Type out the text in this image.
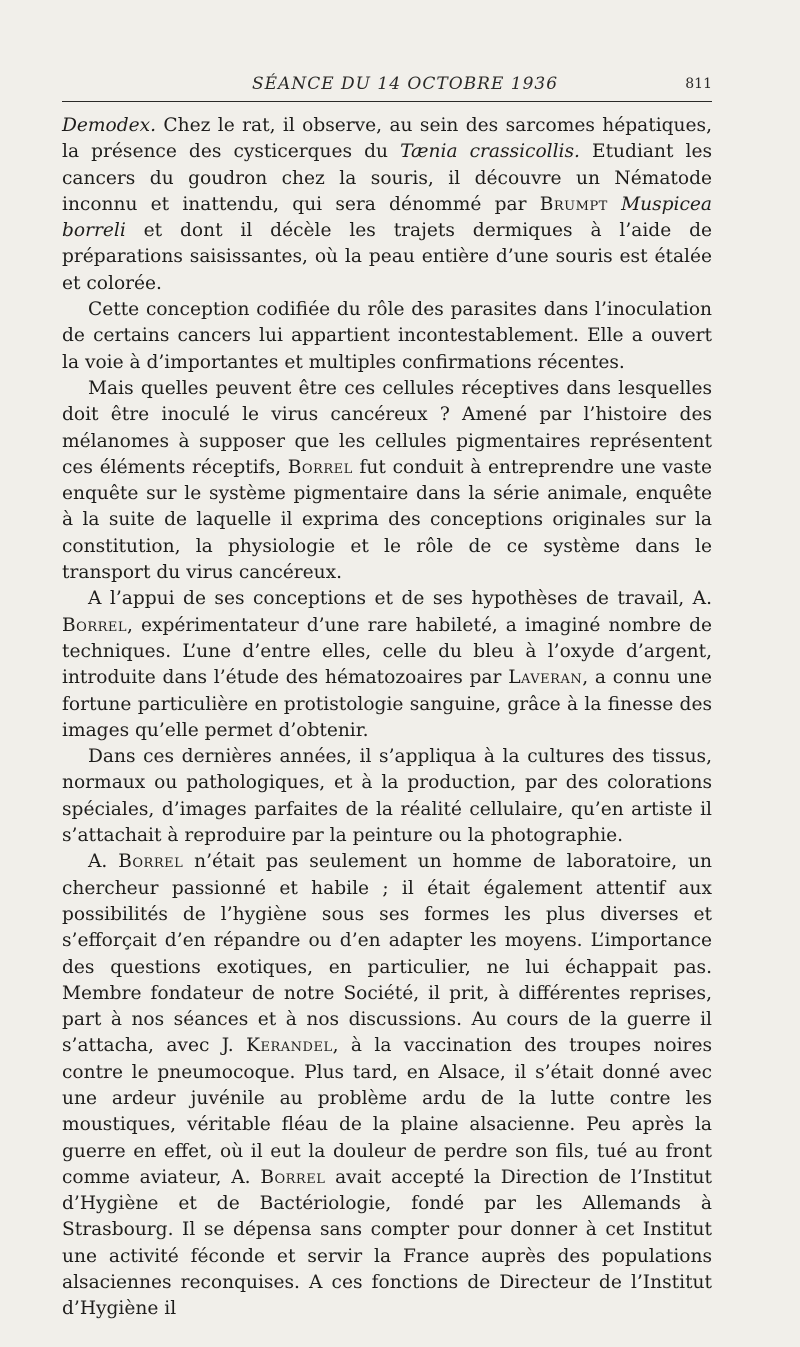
SÉANCE DU 14 OCTOBRE 1936	811

Demodex. Chez le rat, il observe, au sein des sarcomes hépatiques, la présence des cysticerques du Tænia crassicollis. Etudiant les cancers du goudron chez la souris, il découvre un Nématode inconnu et inattendu, qui sera dénommé par Brumpt Muspicea borreli et dont il décèle les trajets dermiques à l’aide de préparations saisissantes, où la peau entière d’une souris est étalée et colorée.

Cette conception codifiée du rôle des parasites dans l’inoculation de certains cancers lui appartient incontestablement. Elle a ouvert la voie à d’importantes et multiples confirmations récentes.

Mais quelles peuvent être ces cellules réceptives dans lesquelles doit être inoculé le virus cancéreux ? Amené par l’histoire des mélanomes à supposer que les cellules pigmentaires représentent ces éléments réceptifs, Borrel fut conduit à entreprendre une vaste enquête sur le système pigmentaire dans la série animale, enquête à la suite de laquelle il exprima des conceptions originales sur la constitution, la physiologie et le rôle de ce système dans le transport du virus cancéreux.

A l’appui de ses conceptions et de ses hypothèses de travail, A. Borrel, expérimentateur d’une rare habileté, a imaginé nombre de techniques. L’une d’entre elles, celle du bleu à l’oxyde d’argent, introduite dans l’étude des hématozoaires par Laveran, a connu une fortune particulière en protistologie sanguine, grâce à la finesse des images qu’elle permet d’obtenir.

Dans ces dernières années, il s’appliqua à la cultures des tissus, normaux ou pathologiques, et à la production, par des colorations spéciales, d’images parfaites de la réalité cellulaire, qu’en artiste il s’attachait à reproduire par la peinture ou la photographie.

A. Borrel n’était pas seulement un homme de laboratoire, un chercheur passionné et habile ; il était également attentif aux possibilités de l’hygiène sous ses formes les plus diverses et s’efforçait d’en répandre ou d’en adapter les moyens. L’importance des questions exotiques, en particulier, ne lui échappait pas. Membre fondateur de notre Société, il prit, à différentes reprises, part à nos séances et à nos discussions. Au cours de la guerre il s’attacha, avec J. Kerandel, à la vaccination des troupes noires contre le pneumocoque. Plus tard, en Alsace, il s’était donné avec une ardeur juvénile au problème ardu de la lutte contre les moustiques, véritable fléau de la plaine alsacienne. Peu après la guerre en effet, où il eut la douleur de perdre son fils, tué au front comme aviateur, A. Borrel avait accepté la Direction de l’Institut d’Hygiène et de Bactériologie, fondé par les Allemands à Strasbourg. Il se dépensa sans compter pour donner à cet Institut une activité féconde et servir la France auprès des populations alsaciennes reconquises. A ces fonctions de Directeur de l’Institut d’Hygiène il
